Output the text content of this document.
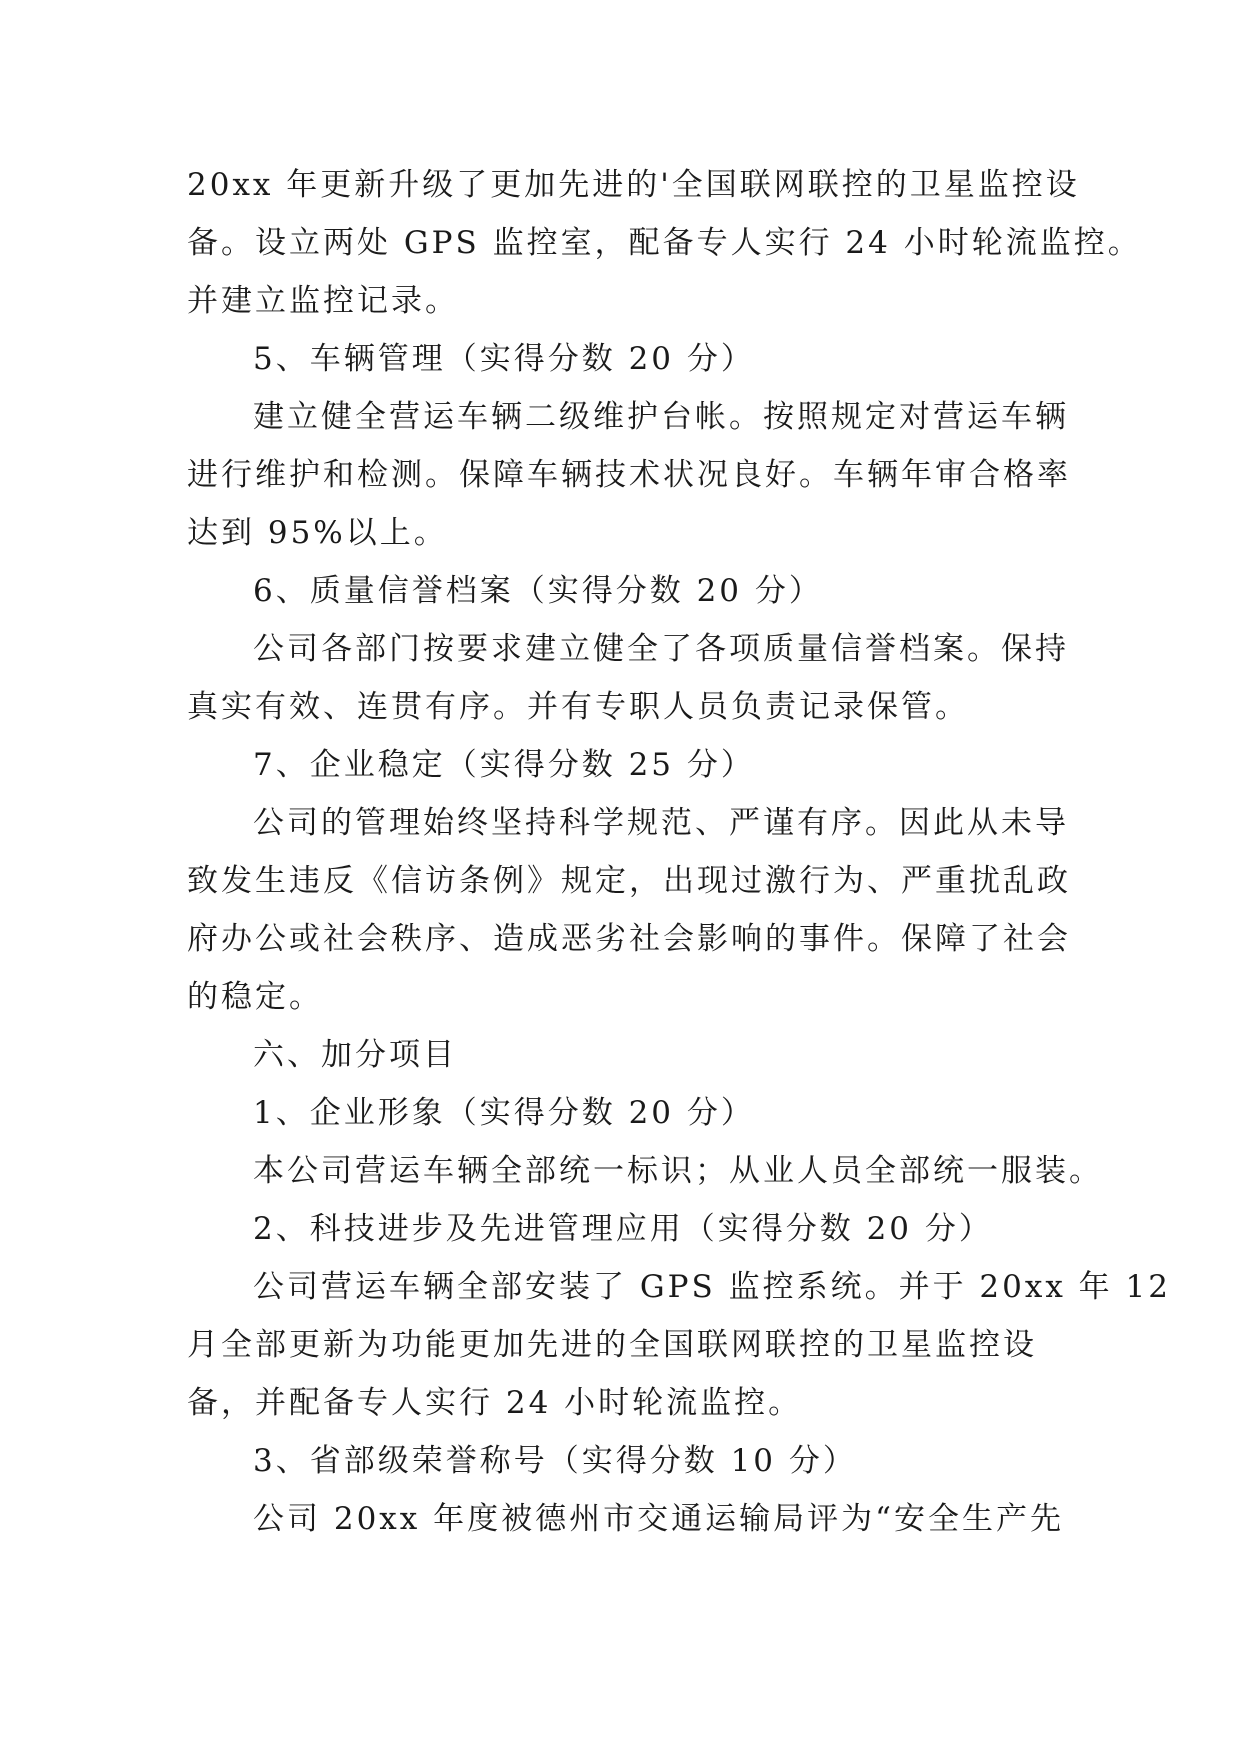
20xx 年更新升级了更加先进的'全国联网联控的卫星监控设
备。设立两处 GPS 监控室，配备专人实行 24 小时轮流监控。
并建立监控记录。
5、车辆管理（实得分数 20 分）
建立健全营运车辆二级维护台帐。按照规定对营运车辆
进行维护和检测。保障车辆技术状况良好。车辆年审合格率
达到 95%以上。
6、质量信誉档案（实得分数 20 分）
公司各部门按要求建立健全了各项质量信誉档案。保持
真实有效、连贯有序。并有专职人员负责记录保管。
7、企业稳定（实得分数 25 分）
公司的管理始终坚持科学规范、严谨有序。因此从未导
致发生违反《信访条例》规定，出现过激行为、严重扰乱政
府办公或社会秩序、造成恶劣社会影响的事件。保障了社会
的稳定。
六、加分项目
1、企业形象（实得分数 20 分）
本公司营运车辆全部统一标识；从业人员全部统一服装。
2、科技进步及先进管理应用（实得分数 20 分）
公司营运车辆全部安装了 GPS 监控系统。并于 20xx 年 12
月全部更新为功能更加先进的全国联网联控的卫星监控设
备，并配备专人实行 24 小时轮流监控。
3、省部级荣誉称号（实得分数 10 分）
公司 20xx 年度被德州市交通运输局评为“安全生产先
